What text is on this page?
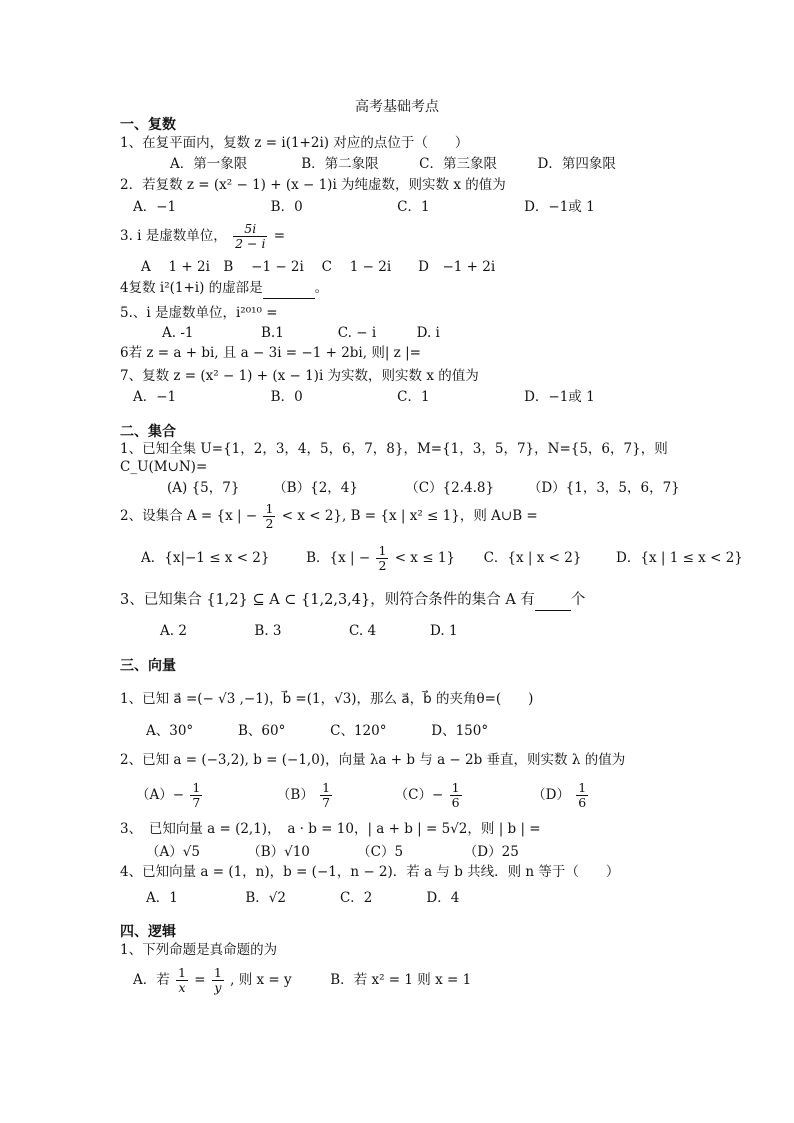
高考基础考点
一、复数
1、在复平面内，复数 z = i(1+2i) 对应的点位于（　　）
A．第一象限　　　　B．第二象限　　　C．第三象限　　　D．第四象限
2．若复数 z = (x² − 1) + (x − 1)i 为纯虚数，则实数 x 的值为
A．−1　　　　　　　B．0　　　　　　　C．1　　　　　　　D．−1或 1
3. i 是虚数单位， $\frac{5i}{2 - i}$ =
A　 1 + 2i　B　 −1 − 2i　 C　 1 − 2i　　D　−1 + 2i
4复数 i²(1+i) 的虚部是	。
5.、i 是虚数单位，i²⁰¹⁰ =
A. -1　　　　　B.1　　　　C. − i　　　D. i
6若 z = a + bi, 且 a − 3i = −1 + 2bi, 则| z |=
7、复数 z = (x² − 1) + (x − 1)i 为实数，则实数 x 的值为
A．−1　　　　　　　B．0　　　　　　　C．1　　　　　　　D．−1或 1
二、集合
1、已知全集 U={1，2，3，4，5，6，7，8}，M={1，3，5，7}，N={5，6，7}，则
C_U(M∪N)=
(A) {5，7}　　　（B）{2，4}　　　　（C）{2.4.8}　　　（D）{1，3，5，6，7}
2、设集合 A = {x | − $\frac{1}{2} < x < 2$}, B = {x | x² ≤ 1}，则 A∪B =
A．{x|−1 ≤ x < 2}	B．{x | − $\frac{1}{2} < x \le 1$} C．{x | x < 2}	D．{x | 1 ≤ x < 2}
3、已知集合 {1,2} ⊆ A ⊂ {1,2,3,4}，则符合条件的集合 A 有 个
A. 2　　　　　B. 3　　　　　C. 4　　　　D. 1
三、向量
1、已知 a⃗ =(− √3 ,−1)，b⃗ =(1，√3)，那么 a⃗，b⃗ 的夹角θ=(　　)
A、30°　　　 B、60°　　　 C、120°　　　 D、150°
2、已知 a = (−3,2), b = (−1,0)，向量 λa + b 与 a − 2b 垂直，则实数 λ 的值为
$(A)- \frac{1}{7}$	$(B) \frac{1}{7}$	$(C)- \frac{1}{6}$	$(D) \frac{1}{6}$
3、　已知向量 a = (2,1)，　a · b = 10，| a + b | = 5√2，则 | b | =
（A）√5　　　　（B）√10　　　　（C）5　　　　　（D）25
4、已知向量 a = (1，n)，b = (−1，n − 2)．若 a 与 b 共线．则 n 等于（　　）
A．1　　　　　B．√2　　　　C．2　　　　D．4
四、逻辑
1、下列命题是真命题的为
A．若 $\frac{1}{x} = \frac{1}{y}$ , 则 x = y	B．若 x² = 1 则 x = 1
